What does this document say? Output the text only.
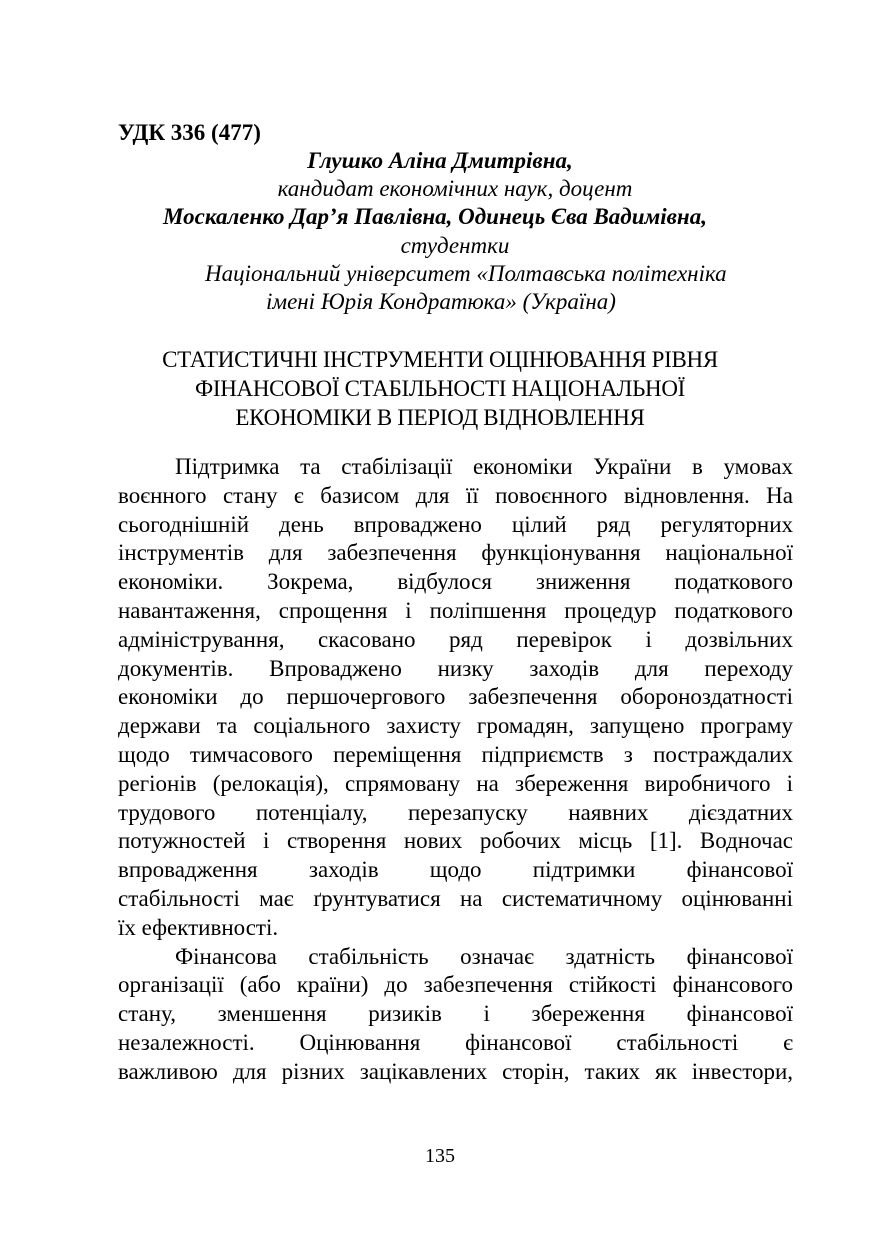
УДК 336 (477)
Глушко Аліна Дмитрівна,
кандидат економічних наук, доцент
Москаленко Дар’я Павлівна, Одинець Єва Вадимівна,
студентки
Національний університет «Полтавська політехніка
імені Юрія Кондратюка» (Україна)
СТАТИСТИЧНІ ІНСТРУМЕНТИ ОЦІНЮВАННЯ РІВНЯ
ФІНАНСОВОЇ СТАБІЛЬНОСТІ НАЦІОНАЛЬНОЇ
ЕКОНОМІКИ В ПЕРІОД ВІДНОВЛЕННЯ

Підтримка та стабілізації економіки України в умовах
воєнного стану є базисом для її повоєнного відновлення. На
сьогоднішній день впроваджено цілий ряд регуляторних
інструментів для забезпечення функціонування національної
економіки. Зокрема, відбулося зниження податкового
навантаження, спрощення і поліпшення процедур податкового
адміністрування, скасовано ряд перевірок і дозвільних
документів. Впроваджено низку заходів для переходу
економіки до першочергового забезпечення обороноздатності
держави та соціального захисту громадян, запущено програму
щодо тимчасового переміщення підприємств з постраждалих
регіонів (релокація), спрямовану на збереження виробничого і
трудового потенціалу, перезапуску наявних дієздатних
потужностей і створення нових робочих місць [1]. Водночас
впровадження заходів щодо підтримки фінансової
стабільності має ґрунтуватися на систематичному оцінюванні
їх ефективності.

Фінансова стабільність означає здатність фінансової
організації (або країни) до забезпечення стійкості фінансового
стану, зменшення ризиків і збереження фінансової
незалежності. Оцінювання фінансової стабільності є
важливою для різних зацікавлених сторін, таких як інвестори,

135
